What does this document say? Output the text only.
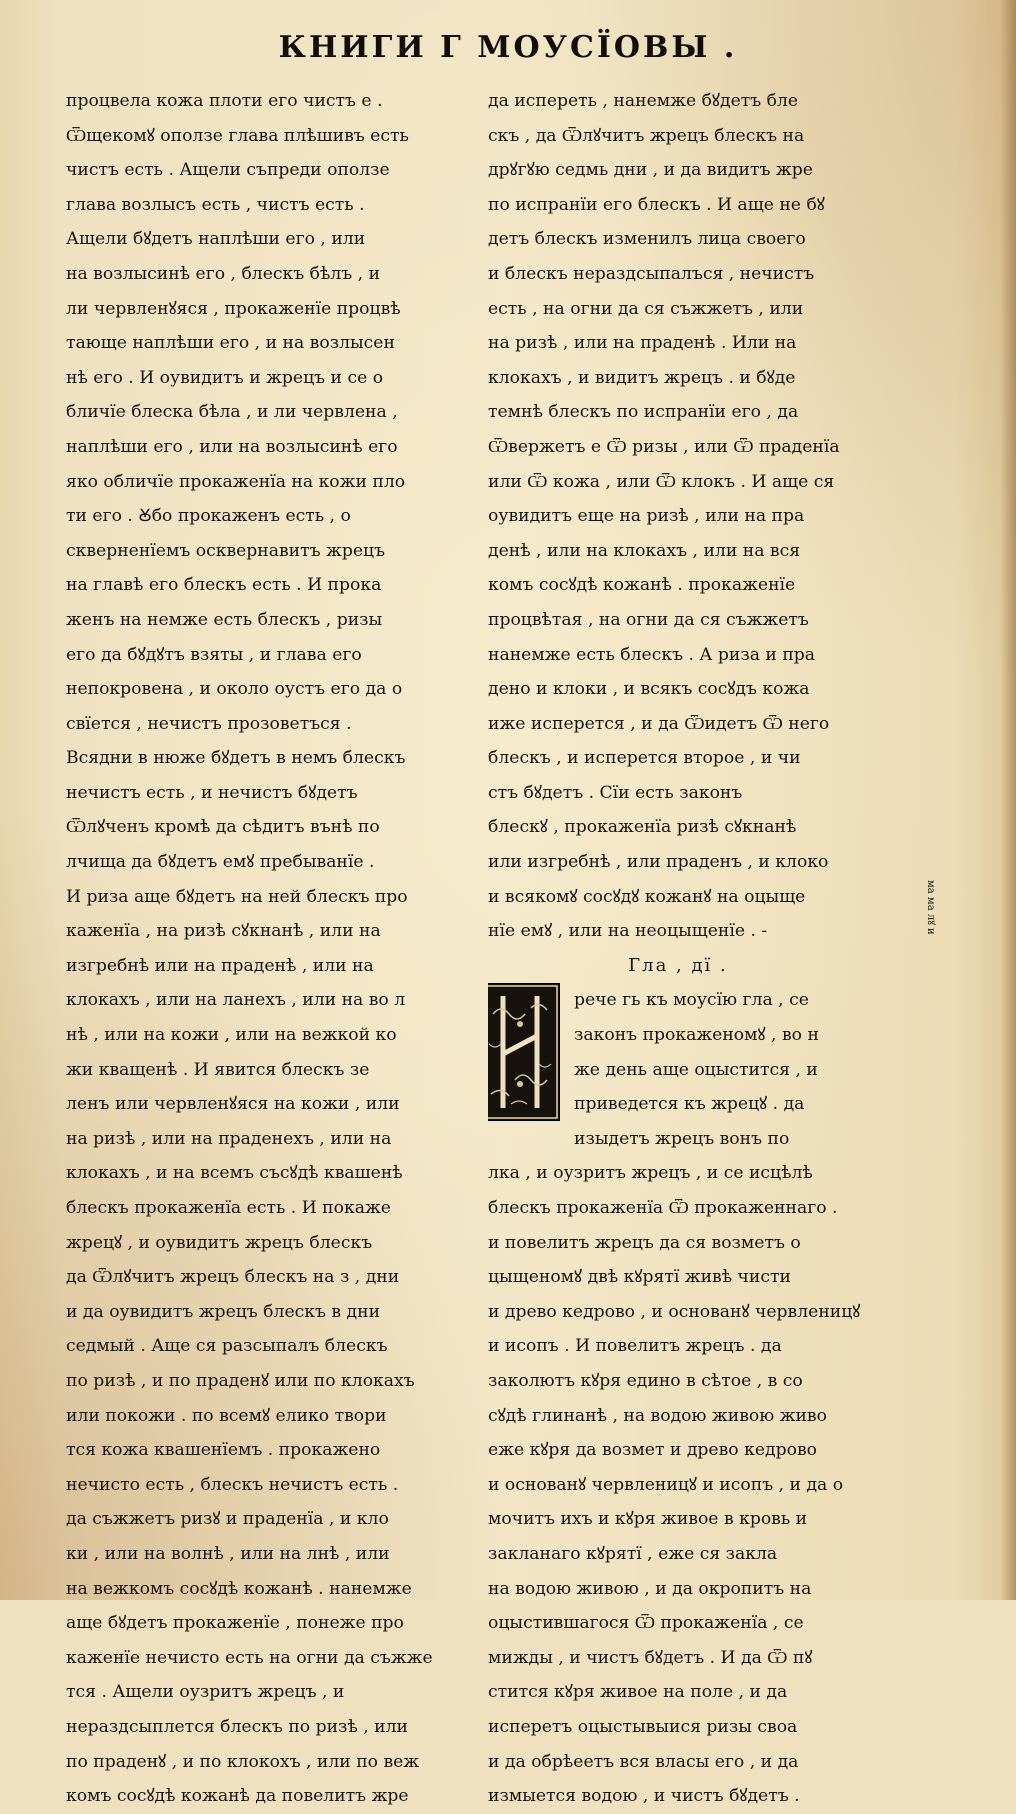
КНИГИ Г МОУСЇОВЫ .
процвела кожа плоти его чистъ е .
Ѿщекомꙋ оползе глава плѣшивъ есть
чистъ есть . Ащели съпреди оползе
глава возлысъ есть , чистъ есть .
Ащели бꙋдетъ наплѣши его , или
на возлысинѣ его , блескъ бѣлъ , и
ли червленꙋяся , прокаженїе процвѣ
тающе наплѣши его , и на возлысен
нѣ его . И оувидитъ и жрецъ и се о
бличїе блеска бѣла , и ли червлена ,
наплѣши его , или на возлысинѣ его
яко обличїе прокаженїа на кожи пло
ти его . Ꙋбо прокаженъ есть , о
скверненїемъ осквернавитъ жрецъ
на главѣ его блескъ есть . И прока
женъ на немже есть блескъ , ризы
его да бꙋдꙋтъ взяты , и глава его
непокровена , и около оустъ его да о
свїется , нечистъ прозоветъся .
Всядни в нюже бꙋдетъ в немъ блескъ
нечистъ есть , и нечистъ бꙋдетъ
Ѿлꙋченъ кромѣ да сѣдитъ вънѣ по
лчища да бꙋдетъ емꙋ пребыванїе .
И риза аще бꙋдетъ на ней блескъ про
каженїа , на ризѣ сꙋкнанѣ , или на
изгребнѣ или на праденѣ , или на
клокахъ , или на ланехъ , или на во л
нѣ , или на кожи , или на вежкой ко
жи кващенѣ . И явится блескъ зе
ленъ или червленꙋяся на кожи , или
на ризѣ , или на праденехъ , или на
клокахъ , и на всемъ съсꙋдѣ квашенѣ
блескъ прокаженїа есть . И покаже
жрецꙋ , и оувидитъ жрецъ блескъ
да Ѿлꙋчитъ жрецъ блескъ на з , дни
и да оувидитъ жрецъ блескъ в дни
седмый . Аще ся разсыпалъ блескъ
по ризѣ , и по праденꙋ или по клокахъ
или покожи . по всемꙋ елико твори
тся кожа квашенїемъ . прокажено
нечисто есть , блескъ нечистъ есть .
да съжжетъ ризꙋ и праденїа , и кло
ки , или на волнѣ , или на лнѣ , или
на вежкомъ сосꙋдѣ кожанѣ . нанемже
аще бꙋдетъ прокаженїе , понеже про
каженїе нечисто есть на огни да съжже
тся . Ащели оузритъ жрецъ , и
нераздсыплется блескъ по ризѣ , или
по праденꙋ , и по клокохъ , или по веж
комъ сосꙋдѣ кожанѣ да повелитъ жре
да испереть , нанемже бꙋдетъ бле
скъ , да Ѿлꙋчитъ жрецъ блескъ на
дрꙋгꙋю седмь дни , и да видитъ жре
по испранїи его блескъ . И аще не бꙋ
детъ блескъ изменилъ лица своего
и блескъ нераздсыпалъся , нечистъ
есть , на огни да ся съжжетъ , или
на ризѣ , или на праденѣ . Или на
клокахъ , и видитъ жрецъ . и бꙋде
темнѣ блескъ по испранїи его , да
Ѿвержетъ е Ѿ ризы , или Ѿ праденїа
или Ѿ кожа , или Ѿ клокъ . И аще ся
оувидитъ еще на ризѣ , или на пра
денѣ , или на клокахъ , или на вся
комъ сосꙋдѣ кожанѣ . прокаженїе
процвѣтая , на огни да ся съжжетъ
нанемже есть блескъ . А риза и пра
дено и клоки , и всякъ сосꙋдъ кожа
иже исперется , и да Ѿидетъ Ѿ него
блескъ , и исперется второе , и чи
стъ бꙋдетъ . Сїи есть законъ
блескꙋ , прокаженїа ризѣ сꙋкнанѣ
или изгребнѣ , или праденъ , и клоко
и всякомꙋ сосꙋдꙋ кожанꙋ на оцыще
нїе емꙋ , или на неоцыщенїе . -
Гла , дї .
рече гь къ моусїю гла , се
законъ прокаженомꙋ , во н
же день аще оцыстится , и
приведется къ жрецꙋ . да
изыдетъ жрецъ вонъ по
лка , и оузритъ жрецъ , и се исцѣлѣ
блескъ прокаженїа Ѿ прокаженнаго .
и повелитъ жрецъ да ся возметъ о
цыщеномꙋ двѣ кꙋрятї живѣ чисти
и древо кедрово , и основанꙋ червленицꙋ
и исопъ . И повелитъ жрецъ . да
заколютъ кꙋря едино в сѣтое , в со
сꙋдѣ глинанѣ , на водою живою живо
еже кꙋря да возмет и древо кедрово
и основанꙋ червленицꙋ и исопъ , и да о
мочитъ ихъ и кꙋря живое в кровь и
закланаго кꙋрятї , еже ся закла
на водою живою , и да окропитъ на
оцыстившагося Ѿ прокаженїа , се
мижды , и чистъ бꙋдетъ . И да Ѿ пꙋ
стится кꙋря живое на поле , и да
исперетъ оцыстывыися ризы своа
и да обрѣеетъ вся власы его , и да
измыется водою , и чистъ бꙋдетъ .
ма ма лꙋ и
